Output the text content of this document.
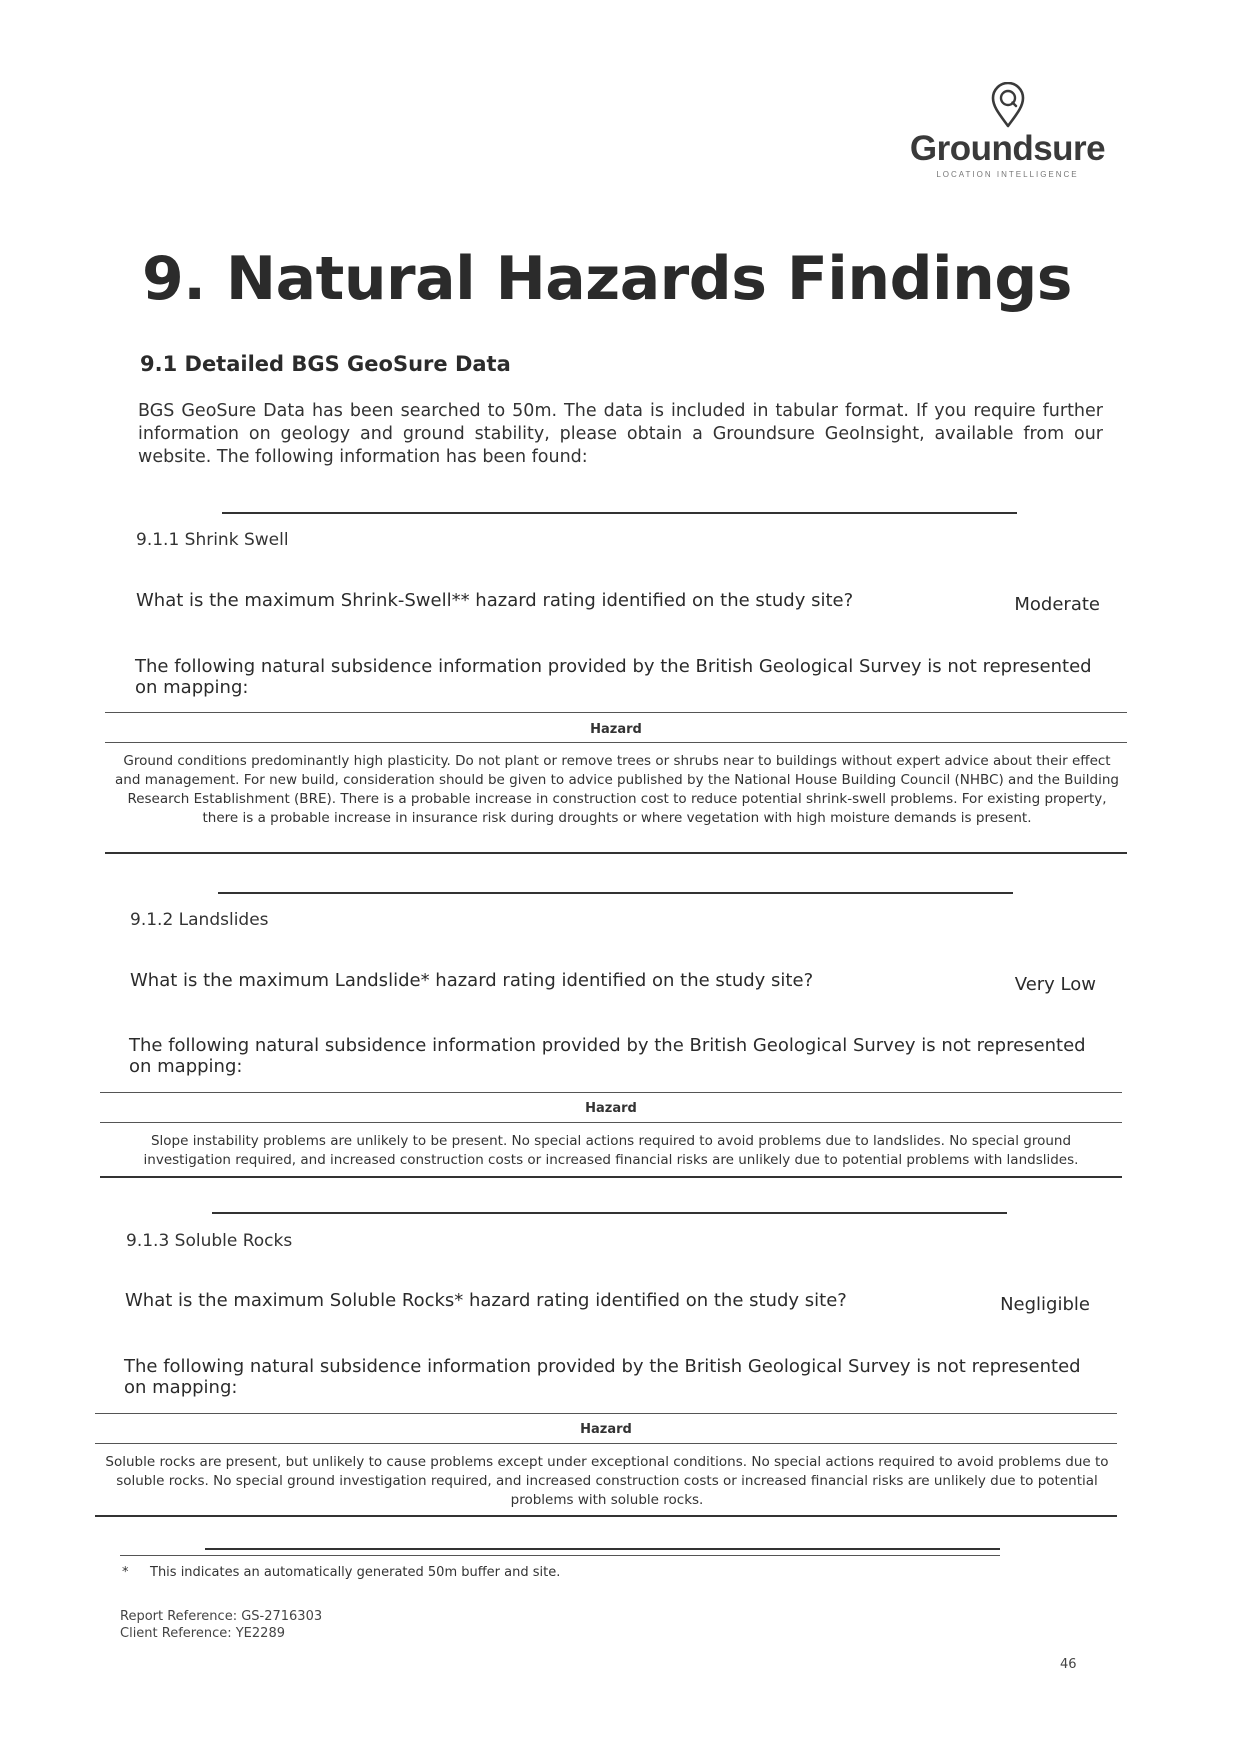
Groundsure
LOCATION INTELLIGENCE
9. Natural Hazards Findings
9.1 Detailed BGS GeoSure Data

BGS GeoSure Data has been searched to 50m. The data is included in tabular format. If you require further information on geology and ground stability, please obtain a Groundsure GeoInsight, available from our website. The following information has been found:

9.1.1 Shrink Swell
What is the maximum Shrink-Swell** hazard rating identified on the study site?	Moderate

The following natural subsidence information provided by the British Geological Survey is not represented on mapping:

Hazard

Ground conditions predominantly high plasticity. Do not plant or remove trees or shrubs near to buildings without expert advice about their effect and management. For new build, consideration should be given to advice published by the National House Building Council (NHBC) and the Building Research Establishment (BRE). There is a probable increase in construction cost to reduce potential shrink-swell problems. For existing property, there is a probable increase in insurance risk during droughts or where vegetation with high moisture demands is present.

9.1.2 Landslides
What is the maximum Landslide* hazard rating identified on the study site?	Very Low

The following natural subsidence information provided by the British Geological Survey is not represented on mapping:

Hazard

Slope instability problems are unlikely to be present. No special actions required to avoid problems due to landslides. No special ground investigation required, and increased construction costs or increased financial risks are unlikely due to potential problems with landslides.

9.1.3 Soluble Rocks
What is the maximum Soluble Rocks* hazard rating identified on the study site?	Negligible

The following natural subsidence information provided by the British Geological Survey is not represented on mapping:

Hazard

Soluble rocks are present, but unlikely to cause problems except under exceptional conditions. No special actions required to avoid problems due to soluble rocks. No special ground investigation required, and increased construction costs or increased financial risks are unlikely due to potential problems with soluble rocks.

* This indicates an automatically generated 50m buffer and site.
Report Reference: GS-2716303
Client Reference: YE2289
46
